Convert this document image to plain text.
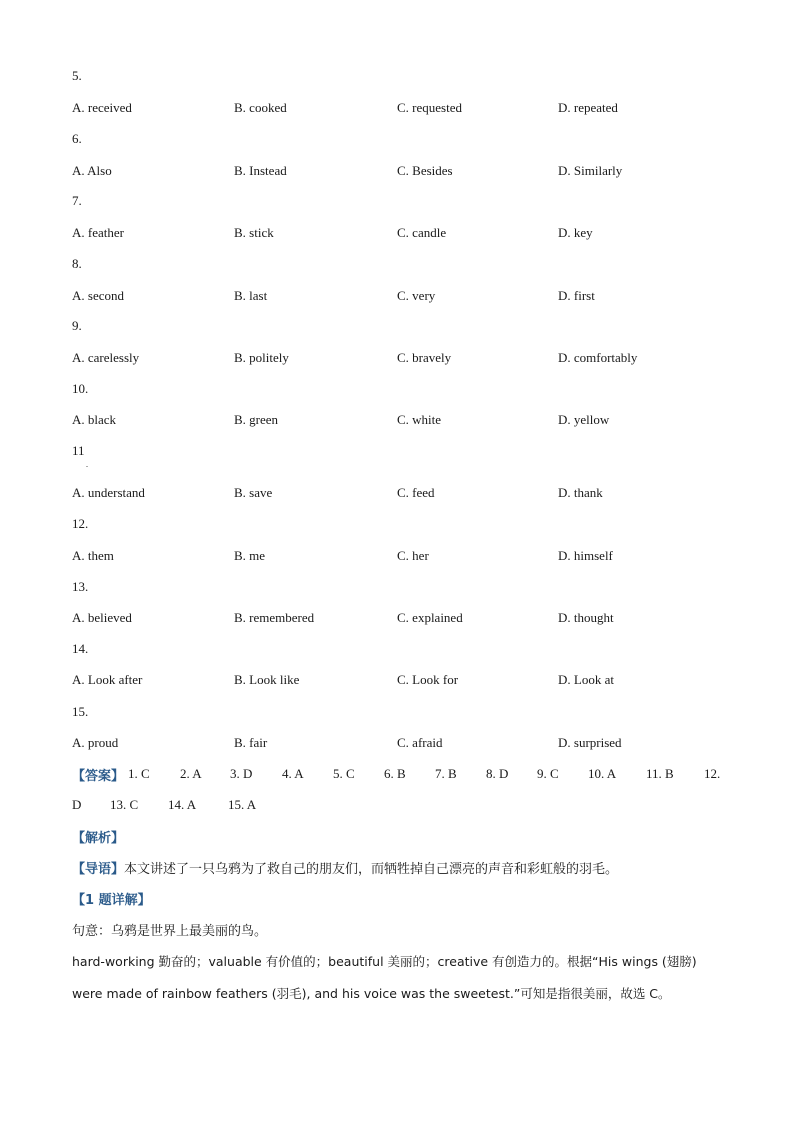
5.
A. received	B. cooked	C. requested	D. repeated
6.
A. Also	B. Instead	C. Besides	D. Similarly
7.
A. feather	B. stick	C. candle	D. key
8.
A. second	B. last	C. very	D. first
9.
A. carelessly	B. politely	C. bravely	D. comfortably
10.
A. black	B. green	C. white	D. yellow
11
.
A. understand	B. save	C. feed	D. thank
12.
A. them	B. me	C. her	D. himself
13.
A. believed	B. remembered	C. explained	D. thought
14.
A. Look after	B. Look like	C. Look for	D. Look at
15.
A. proud	B. fair	C. afraid	D. surprised
【答案】 1. C 2. A 3. D 4. A 5. C 6. B 7. B 8. D 9. C 10. A 11. B 12.
D 13. C 14. A 15. A
【解析】
【导语】本文讲述了一只乌鸦为了救自己的朋友们，而牺牲掉自己漂亮的声音和彩虹般的羽毛。
【1 题详解】
句意：乌鸦是世界上最美丽的鸟。
hard-working 勤奋的；valuable 有价值的；beautiful 美丽的；creative 有创造力的。根据“His wings (翅膀)
were made of rainbow feathers (羽毛), and his voice was the sweetest.”可知是指很美丽，故选 C。
